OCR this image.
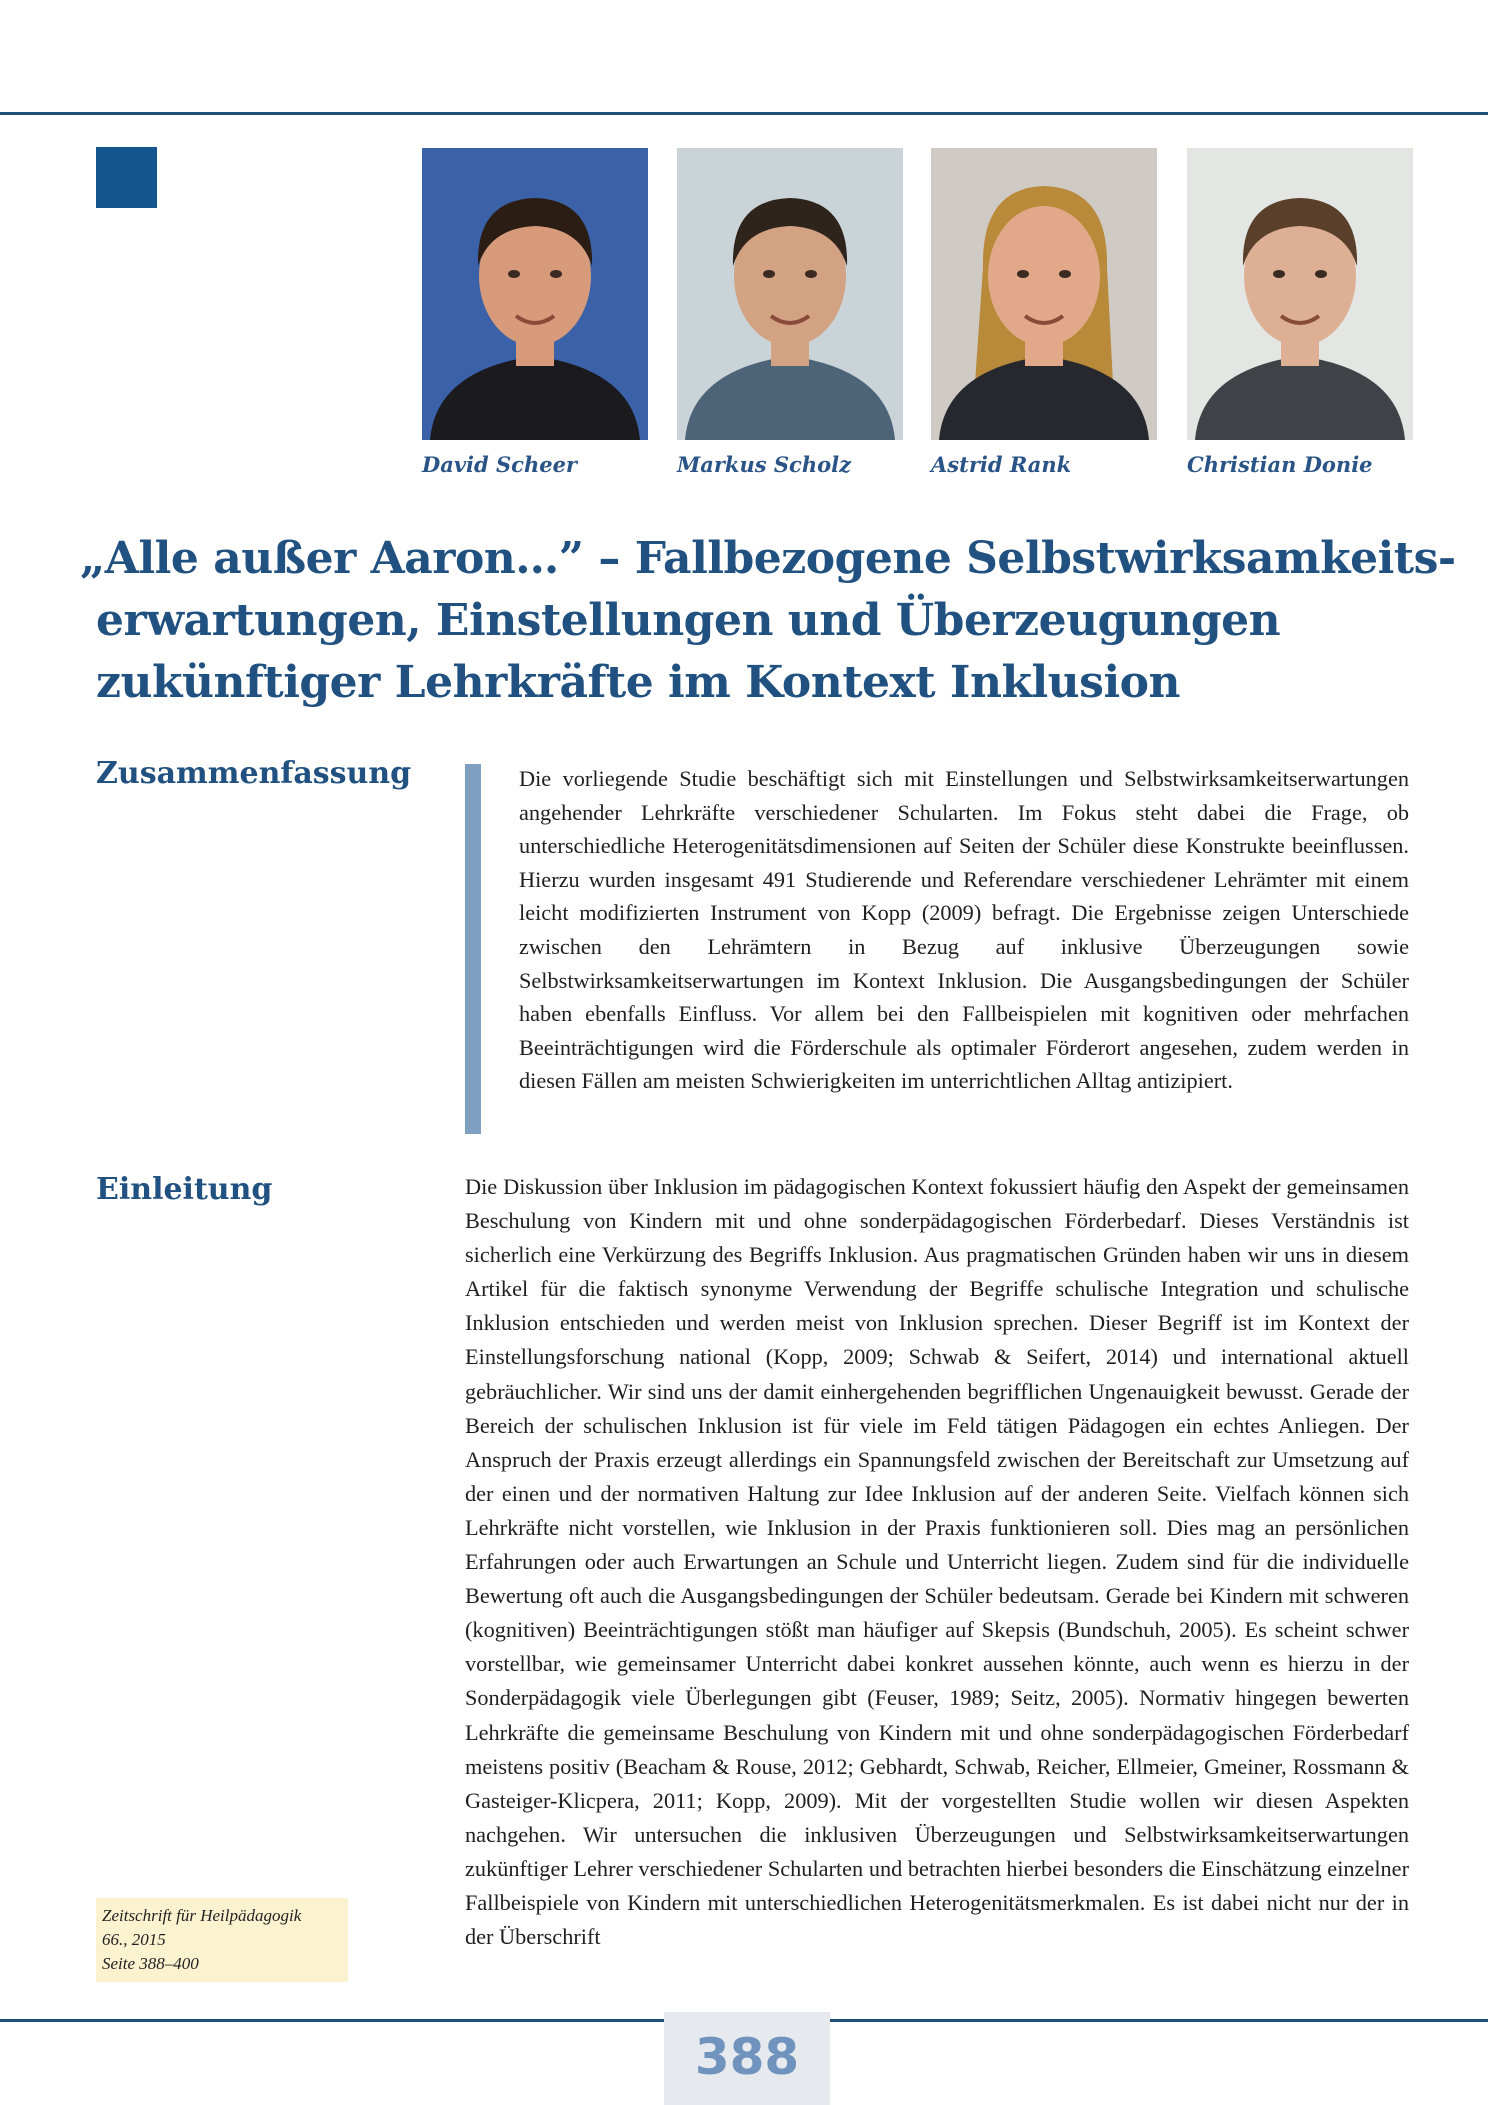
David Scheer	Markus Scholz	Astrid Rank	Christian Donie
„Alle außer Aaron…” – Fallbezogene Selbstwirksamkeits-
erwartungen, Einstellungen und Überzeugungen
zukünftiger Lehrkräfte im Kontext Inklusion
Zusammenfassung	Die vorliegende Studie beschäftigt sich mit Einstellungen und Selbstwirksamkeitserwartungen angehender Lehrkräfte verschiedener Schularten. Im Fokus steht dabei die Frage, ob unterschiedliche Heterogenitätsdimensionen auf Seiten der Schüler diese Konstrukte beeinflussen. Hierzu wurden insgesamt 491 Studierende und Referendare verschiedener Lehrämter mit einem leicht modifizierten Instrument von Kopp (2009) befragt. Die Ergebnisse zeigen Unterschiede zwischen den Lehrämtern in Bezug auf inklusive Überzeugungen sowie Selbstwirksamkeitserwartungen im Kontext Inklusion. Die Ausgangsbedingungen der Schüler haben ebenfalls Einfluss. Vor allem bei den Fallbeispielen mit kognitiven oder mehrfachen Beeinträchtigungen wird die Förderschule als optimaler Förderort angesehen, zudem werden in diesen Fällen am meisten Schwierigkeiten im unterrichtlichen Alltag antizipiert.

Einleitung	Die Diskussion über Inklusion im pädagogischen Kontext fokussiert häufig den Aspekt der gemeinsamen Beschulung von Kindern mit und ohne sonderpädagogischen Förderbedarf. Dieses Verständnis ist sicherlich eine Verkürzung des Begriffs Inklusion. Aus pragmatischen Gründen haben wir uns in diesem Artikel für die faktisch synonyme Verwendung der Begriffe schulische Integration und schulische Inklusion entschieden und werden meist von Inklusion sprechen. Dieser Begriff ist im Kontext der Einstellungsforschung national (Kopp, 2009; Schwab & Seifert, 2014) und international aktuell gebräuchlicher. Wir sind uns der damit einhergehenden begrifflichen Ungenauigkeit bewusst. Gerade der Bereich der schulischen Inklusion ist für viele im Feld tätigen Pädagogen ein echtes Anliegen. Der Anspruch der Praxis erzeugt allerdings ein Spannungsfeld zwischen der Bereitschaft zur Umsetzung auf der einen und der normativen Haltung zur Idee Inklusion auf der anderen Seite. Vielfach können sich Lehrkräfte nicht vorstellen, wie Inklusion in der Praxis funktionieren soll. Dies mag an persönlichen Erfahrungen oder auch Erwartungen an Schule und Unterricht liegen. Zudem sind für die individuelle Bewertung oft auch die Ausgangsbedingungen der Schüler bedeutsam. Gerade bei Kindern mit schweren (kognitiven) Beeinträchtigungen stößt man häufiger auf Skepsis (Bundschuh, 2005). Es scheint schwer vorstellbar, wie gemeinsamer Unterricht dabei konkret aussehen könnte, auch wenn es hierzu in der Sonderpädagogik viele Überlegungen gibt (Feuser, 1989; Seitz, 2005). Normativ hingegen bewerten Lehrkräfte die gemeinsame Beschulung von Kindern mit und ohne sonderpädagogischen Förderbedarf meistens positiv (Beacham & Rouse, 2012; Gebhardt, Schwab, Reicher, Ellmeier, Gmeiner, Rossmann & Gasteiger-Klicpera, 2011; Kopp, 2009). Mit der vorgestellten Studie wollen wir diesen Aspekten nachgehen. Wir untersuchen die inklusiven Überzeugungen und Selbstwirksamkeitserwartungen zukünftiger Lehrer verschiedener Schularten und betrachten hierbei besonders die Einschätzung einzelner Fallbeispiele von Kindern mit unterschiedlichen Heterogenitätsmerkmalen. Es ist dabei nicht nur der in der Überschrift

Zeitschrift für Heilpädagogik
66., 2015
Seite 388–400
388
